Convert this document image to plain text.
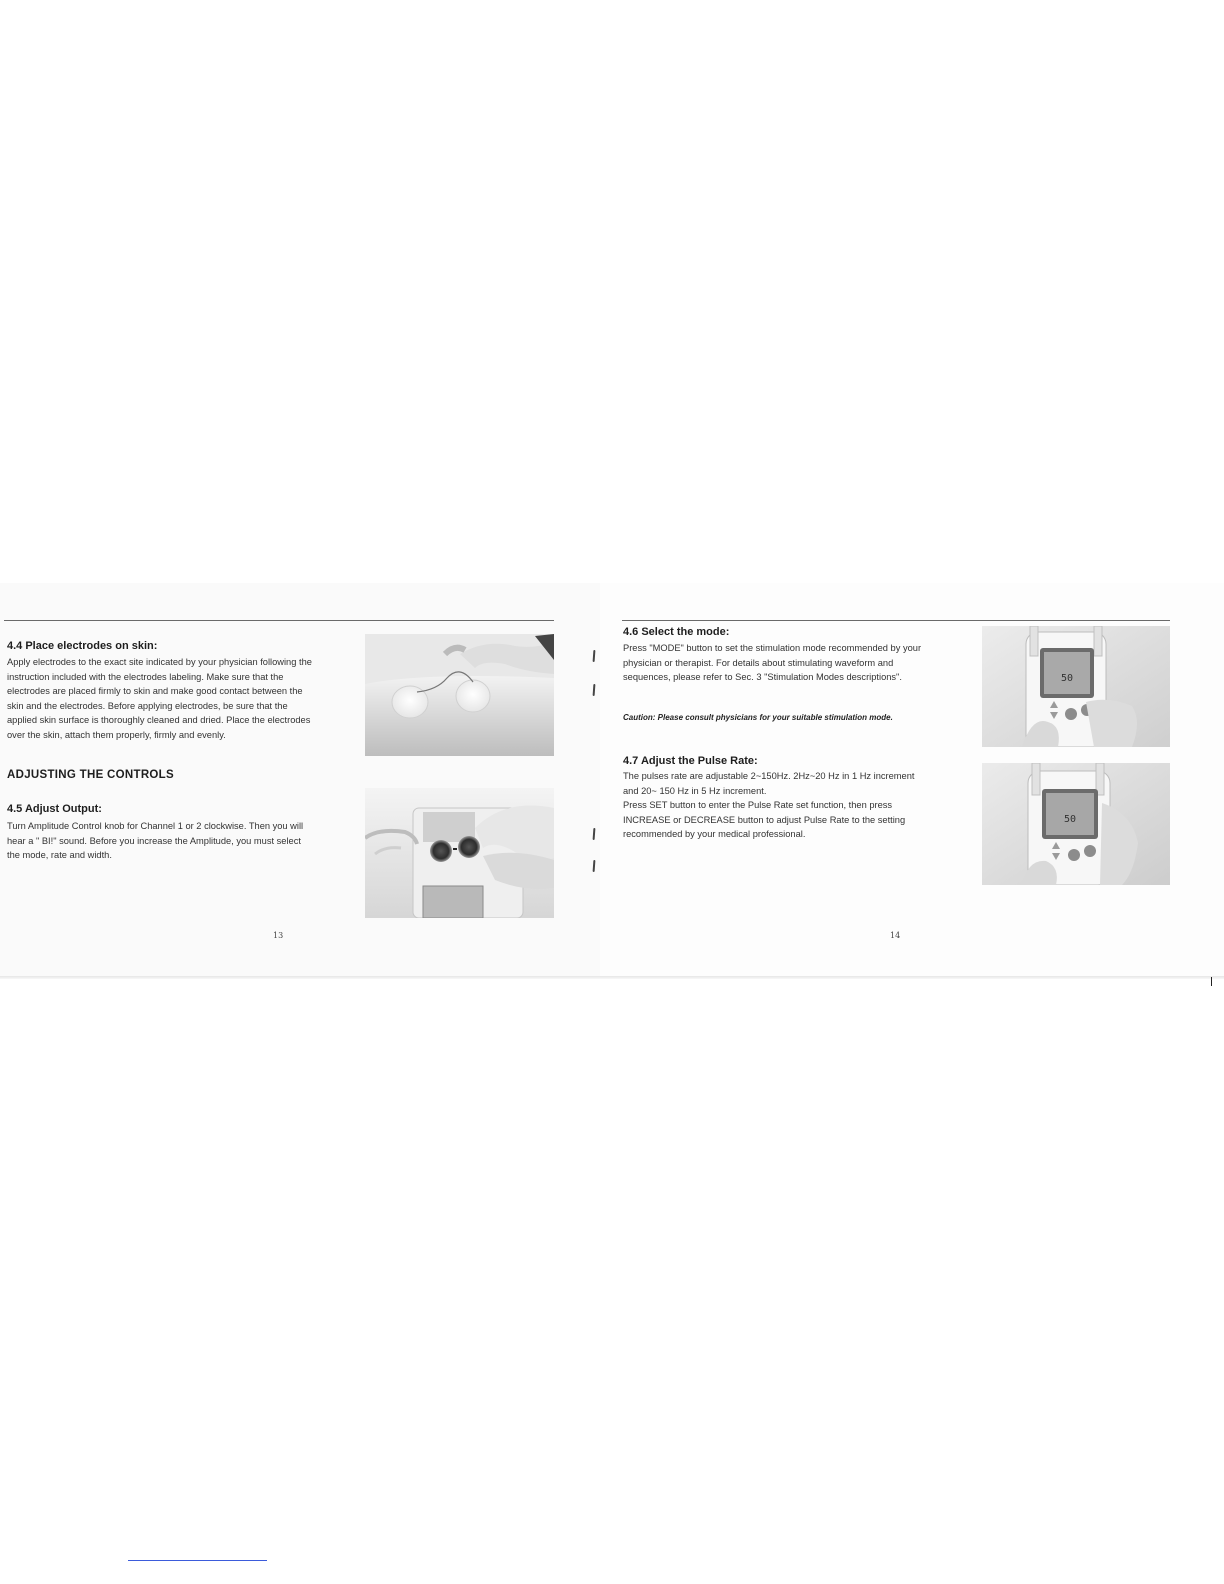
4.4 Place electrodes on skin:
Apply electrodes to the exact site indicated by your physician following the
instruction included with the electrodes labeling. Make sure that the
electrodes are placed firmly to skin and make good contact between the
skin and the electrodes. Before applying electrodes, be sure that the
applied skin surface is thoroughly cleaned and dried. Place the electrodes
over the skin, attach them properly, firmly and evenly.
ADJUSTING THE CONTROLS
4.5 Adjust Output:
Turn Amplitude Control knob for Channel 1 or 2 clockwise. Then you will
hear a " BI!" sound. Before you increase the Amplitude, you must select
the mode, rate and width.
13
4.6 Select the mode:
Press "MODE" button to set the stimulation mode recommended by your
physician or therapist. For details about stimulating waveform and
sequences, please refer to Sec. 3 "Stimulation Modes descriptions".
Caution: Please consult physicians for your suitable stimulation mode.
50
4.7 Adjust the Pulse Rate:
The pulses rate are adjustable 2~150Hz. 2Hz~20 Hz in 1 Hz increment
and 20~ 150 Hz in 5 Hz increment.
Press SET button to enter the Pulse Rate set function, then press
INCREASE or DECREASE button to adjust Pulse Rate to the setting
recommended by your medical professional.
50
14
